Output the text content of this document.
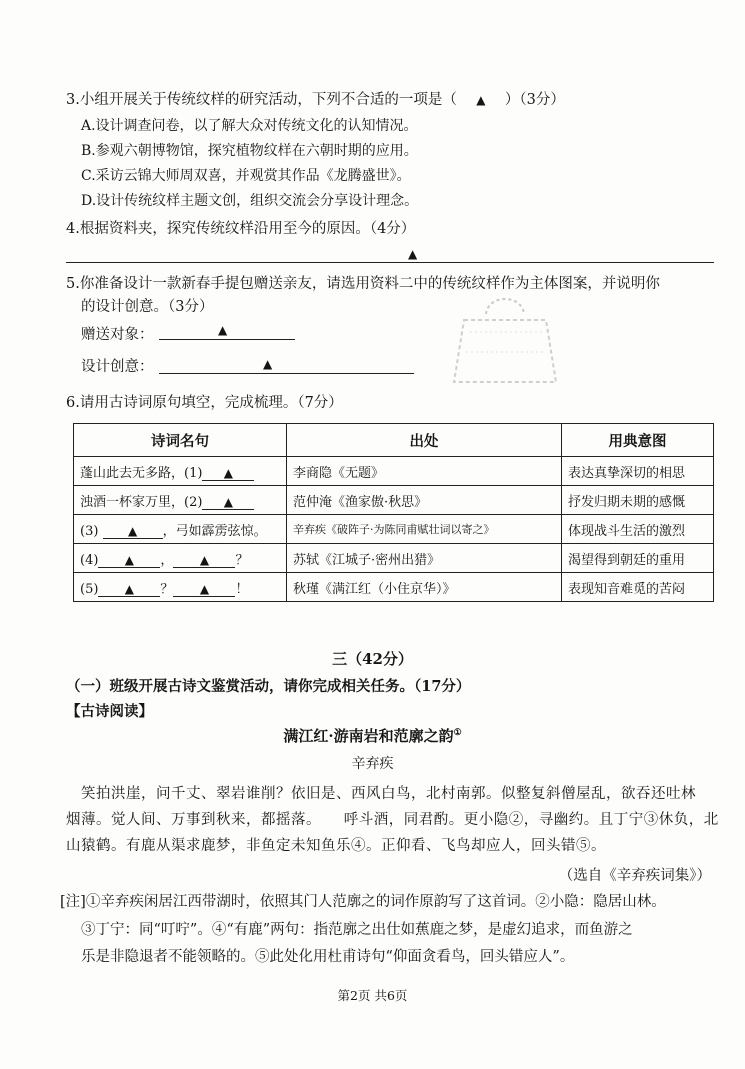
3.小组开展关于传统纹样的研究活动，下列不合适的一项是（ ▲ ）（3分）
A.设计调查问卷，以了解大众对传统文化的认知情况。
B.参观六朝博物馆，探究植物纹样在六朝时期的应用。
C.采访云锦大师周双喜，并观赏其作品《龙腾盛世》。
D.设计传统纹样主题文创，组织交流会分享设计理念。
4.根据资料夹，探究传统纹样沿用至今的原因。（4分）
▲
5.你准备设计一款新春手提包赠送亲友，请选用资料二中的传统纹样作为主体图案，并说明你
的设计创意。（3分）
赠送对象：	▲
设计创意：	▲
6.请用古诗词原句填空，完成梳理。（7分）
诗词名句	出处	用典意图
蓬山此去无多路，(1) ▲	李商隐《无题》	表达真挚深切的相思
浊酒一杯家万里，(2) ▲	范仲淹《渔家傲·秋思》	抒发归期未期的感慨
(3) ▲ ，弓如霹雳弦惊。	辛弃疾《破阵子·为陈同甫赋壮词以寄之》	体现战斗生活的激烈
(4) ▲ ， ▲ ？	苏轼《江城子·密州出猎》	渴望得到朝廷的重用
(5) ▲ ？ ▲ ！	秋瑾《满江红（小住京华）》	表现知音难觅的苦闷
三（42分）
（一）班级开展古诗文鉴赏活动，请你完成相关任务。（17分）
【古诗阅读】
满江红·游南岩和范廓之韵①
辛弃疾
笑拍洪崖，问千丈、翠岩谁削？依旧是、西风白鸟，北村南郭。似整复斜僧屋乱，欲吞还吐林
烟薄。觉人间、万事到秋来，都摇落。　　呼斗酒，同君酌。更小隐②，寻幽约。且丁宁③休负，北
山猿鹤。有鹿从渠求鹿梦，非鱼定未知鱼乐④。正仰看、飞鸟却应人，回头错⑤。
（选自《辛弃疾词集》）
[注]①辛弃疾闲居江西带湖时，依照其门人范廓之的词作原韵写了这首词。②小隐：隐居山林。
③丁宁：同“叮咛”。④“有鹿”两句：指范廓之出仕如蕉鹿之梦，是虚幻追求，而鱼游之
乐是非隐退者不能领略的。⑤此处化用杜甫诗句“仰面贪看鸟，回头错应人”。
第2页 共6页
